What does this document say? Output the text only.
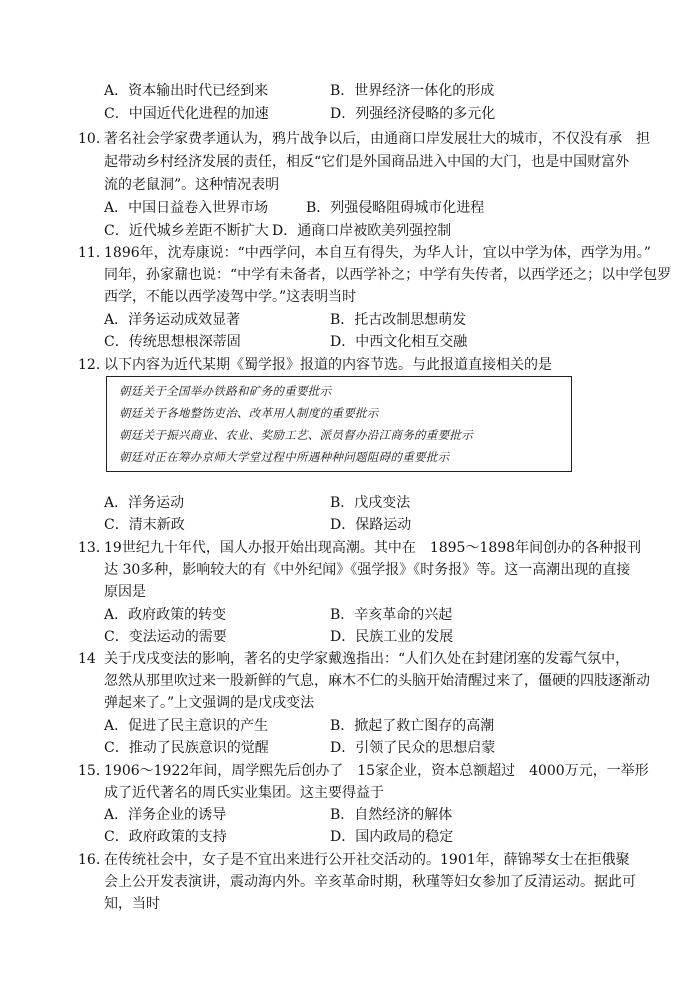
A．资本输出时代已经到来	B．世界经济一体化的形成
C．中国近代化进程的加速	D．列强经济侵略的多元化
10. 著名社会学家费孝通认为，鸦片战争以后，由通商口岸发展壮大的城市，不仅没有承　担
起带动乡村经济发展的责任，相反“它们是外国商品进入中国的大门，也是中国财富外
流的老鼠洞”。这种情况表明
A．中国日益卷入世界市场	B．列强侵略阻碍城市化进程
C．近代城乡差距不断扩大 D．通商口岸被欧美列强控制
11．
1896年，沈寿康说：“中西学问，本自互有得失，为华人计，宜以中学为体，西学为用。”
同年，孙家鼐也说：“中学有未备者，以西学补之；中学有失传者，以西学还之；以中学包罗
西学，不能以西学凌驾中学。”这表明当时
A．洋务运动成效显著	B．托古改制思想萌发
C．传统思想根深蒂固	D．中西文化相互交融
12. 以下内容为近代某期《蜀学报》报道的内容节选。与此报道直接相关的是
朝廷关于全国举办铁路和矿务的重要批示
朝廷关于各地整饬吏治、改革用人制度的重要批示
朝廷关于振兴商业、农业、奖励工艺、派员督办沿江商务的重要批示
朝廷对正在筹办京师大学堂过程中所遇种种问题阻碍的重要批示
A．洋务运动	B．戊戌变法
C．清末新政	D．保路运动
13．
19世纪九十年代，国人办报开始出现高潮。其中在　1895～1898年间创办的各种报刊
达 30多种，影响较大的有《中外纪闻》《强学报》《时务报》等。这一高潮出现的直接
原因是
A．政府政策的转变	B．辛亥革命的兴起
C．变法运动的需要	D．民族工业的发展
14 关于戊戌变法的影响，著名的史学家戴逸指出：“人们久处在封建闭塞的发霉气氛中，
忽然从那里吹过来一股新鲜的气息，麻木不仁的头脑开始清醒过来了，僵硬的四肢逐渐动
弹起来了。”上文强调的是戊戌变法
A．促进了民主意识的产生	B．掀起了救亡图存的高潮
C．推动了民族意识的觉醒	D．引领了民众的思想启蒙
15．
1906～1922年间，周学熙先后创办了　15家企业，资本总额超过　4000万元，一举形
成了近代著名的周氏实业集团。这主要得益于
A．洋务企业的诱导	B．自然经济的解体
C．政府政策的支持	D．国内政局的稳定
16. 在传统社会中，女子是不宜出来进行公开社交活动的。1901年，薛锦琴女士在拒俄聚
会上公开发表演讲，震动海内外。辛亥革命时期，秋瑾等妇女参加了反清运动。据此可
知，当时
